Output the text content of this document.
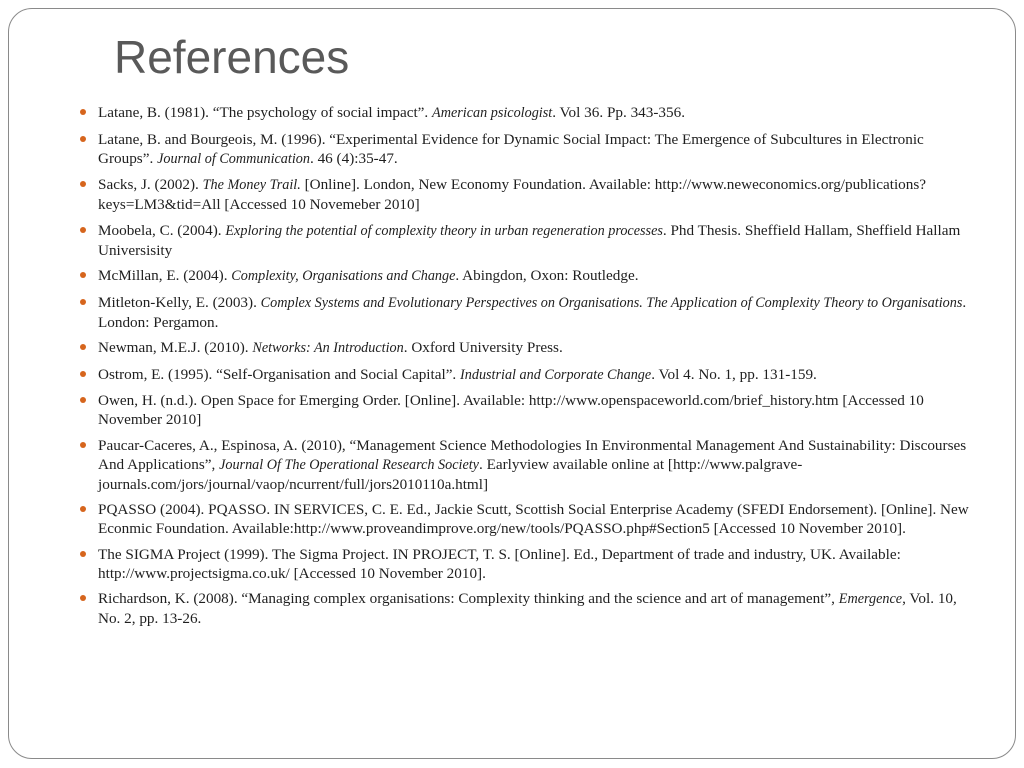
References
Latane, B. (1981). “The psychology of social impact”. American psicologist. Vol 36. Pp. 343-356.
Latane, B. and Bourgeois, M. (1996). “Experimental Evidence for Dynamic Social Impact: The Emergence of Subcultures in Electronic Groups”. Journal of Communication. 46 (4):35-47.
Sacks, J. (2002). The Money Trail. [Online]. London, New Economy Foundation. Available: http://www.neweconomics.org/publications?keys=LM3&tid=All [Accessed 10 Novemeber 2010]
Moobela, C. (2004). Exploring the potential of complexity theory in urban regeneration processes. Phd Thesis. Sheffield Hallam, Sheffield Hallam Universisity
McMillan, E. (2004). Complexity, Organisations and Change. Abingdon, Oxon: Routledge.
Mitleton-Kelly, E. (2003). Complex Systems and Evolutionary Perspectives on Organisations. The Application of Complexity Theory to Organisations. London: Pergamon.
Newman, M.E.J. (2010). Networks: An Introduction. Oxford University Press.
Ostrom, E. (1995). “Self-Organisation and Social Capital”. Industrial and Corporate Change. Vol 4. No. 1, pp. 131-159.
Owen, H. (n.d.). Open Space for Emerging Order. [Online]. Available: http://www.openspaceworld.com/brief_history.htm [Accessed 10 November 2010]
Paucar-Caceres, A., Espinosa, A. (2010), “Management Science Methodologies In Environmental Management And Sustainability: Discourses And Applications”, Journal Of The Operational Research Society. Earlyview available online at [http://www.palgrave-journals.com/jors/journal/vaop/ncurrent/full/jors2010110a.html]
PQASSO (2004). PQASSO. IN SERVICES, C. E. Ed., Jackie Scutt, Scottish Social Enterprise Academy (SFEDI Endorsement). [Online]. New Econmic Foundation. Available:http://www.proveandimprove.org/new/tools/PQASSO.php#Section5 [Accessed 10 November 2010].
The SIGMA Project (1999). The Sigma Project. IN PROJECT, T. S. [Online]. Ed., Department of trade and industry, UK. Available: http://www.projectsigma.co.uk/ [Accessed 10 November 2010].
Richardson, K. (2008). “Managing complex organisations: Complexity thinking and the science and art of management”, Emergence, Vol. 10, No. 2, pp. 13-26.
